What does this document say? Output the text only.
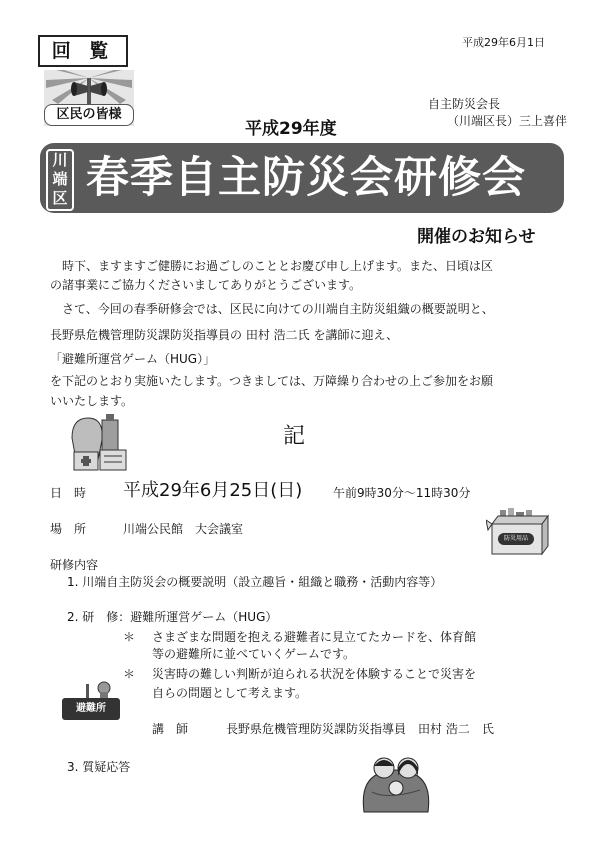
回 覧	平成29年6月1日
区民の皆様
自主防災会長
（川端区長）三上喜伴
平成29年度
川端区 春季自主防災会研修会
開催のお知らせ
時下、ますますご健勝にお過ごしのこととお慶び申し上げます。また、日頃は区
の諸事業にご協力くださいましてありがとうございます。
さて、今回の春季研修会では、区民に向けての川端自主防災組織の概要説明と、
長野県危機管理防災課防災指導員の 田村 浩二氏 を講師に迎え、
「避難所運営ゲーム（HUG）」
を下記のとおり実施いたします。つきましては、万障繰り合わせの上ご参加をお願
いいたします。
記
日　時 平成29年6月25日(日)	午前9時30分〜11時30分
場　所	川端公民館　大会議室
防災用品
研修内容
1. 川端自主防災会の概要説明（設立趣旨・組織と職務・活動内容等）
2. 研　修：避難所運営ゲーム（HUG）
＊ さまざまな問題を抱える避難者に見立てたカードを、体育館
等の避難所に並べていくゲームです。
＊ 災害時の難しい判断が迫られる状況を体験することで災害を
自らの問題として考えます。
避難所
講　師	長野県危機管理防災課防災指導員　田村 浩二　氏
3. 質疑応答
